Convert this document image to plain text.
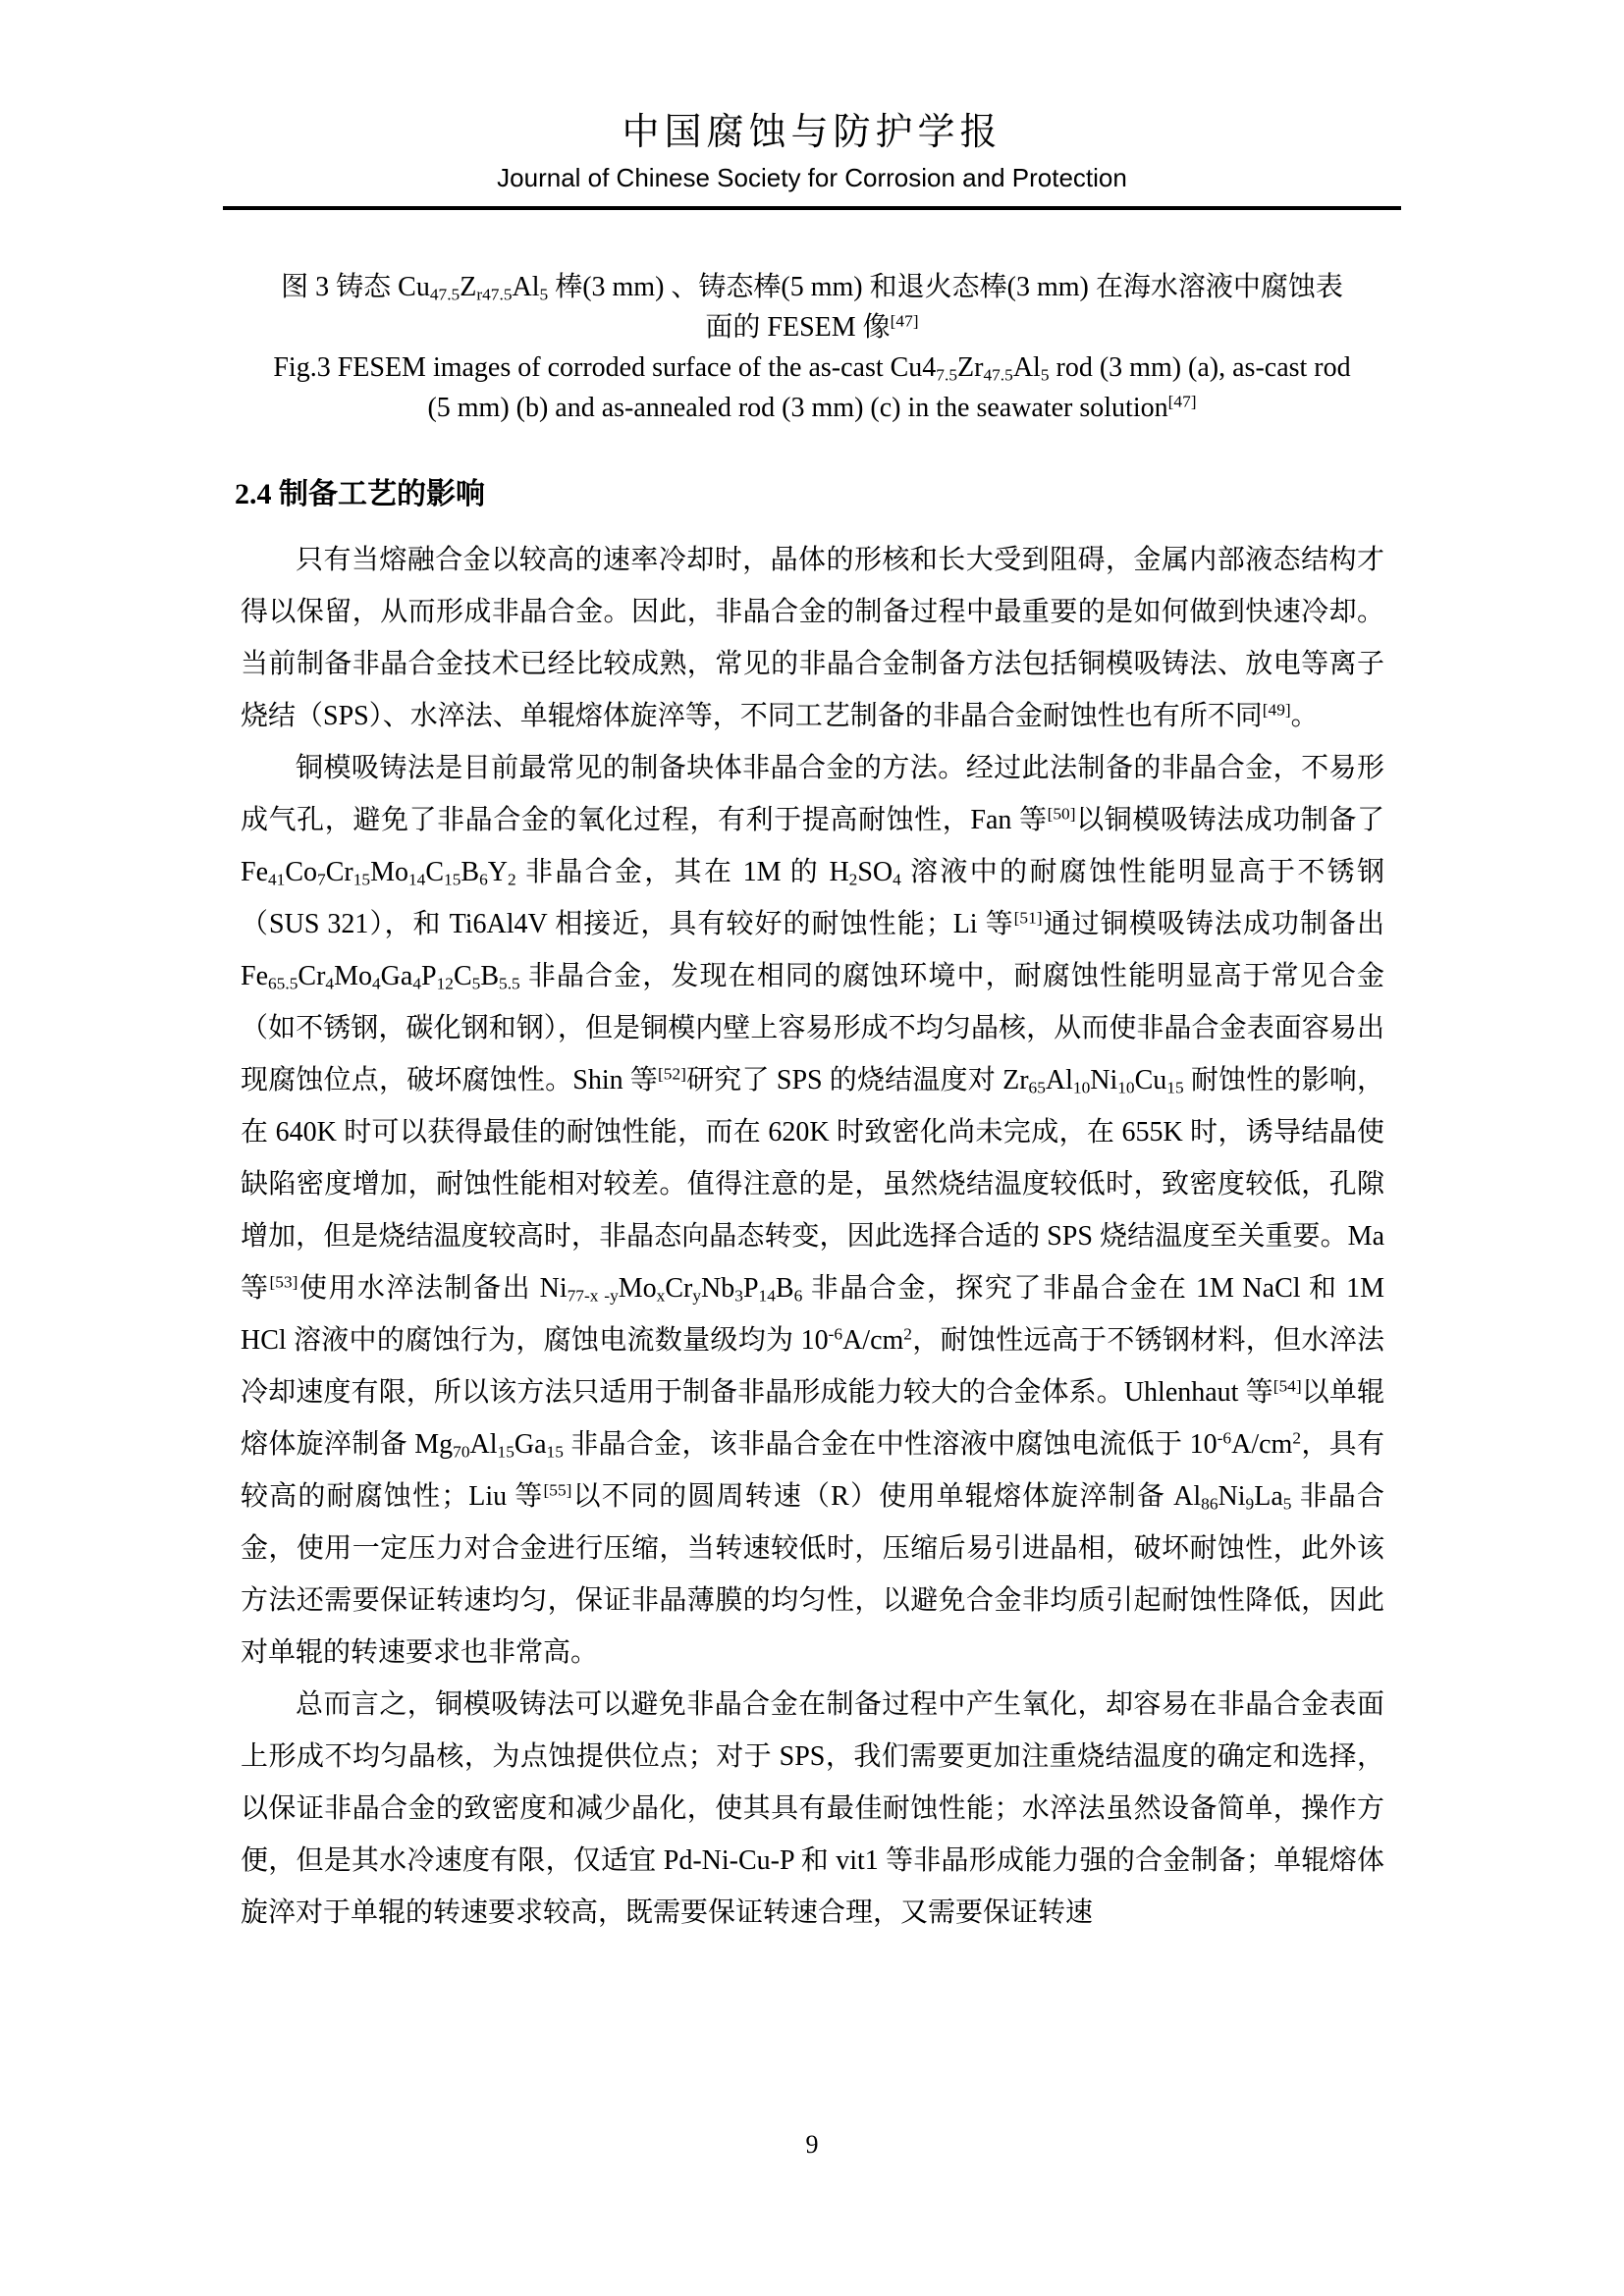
中国腐蚀与防护学报
Journal of Chinese Society for Corrosion and Protection
图 3 铸态 $Cu_{47.5}Z_{r47.5}Al_5$ 棒(3 mm) 、铸态棒(5 mm) 和退火态棒(3 mm) 在海水溶液中腐蚀表
面的 FESEM 像[47]
Fig.3 FESEM images of corroded surface of the as-cast $Cu4_{7.5}Zr_{47.5}Al_5$ rod (3 mm) (a), as-cast rod
(5 mm) (b) and as-annealed rod (3 mm) (c) in the seawater solution[47]
2.4 制备工艺的影响

只有当熔融合金以较高的速率冷却时，晶体的形核和长大受到阻碍，金属内部液态结构才得以保留，从而形成非晶合金。因此，非晶合金的制备过程中最重要的是如何做到快速冷却。当前制备非晶合金技术已经比较成熟，常见的非晶合金制备方法包括铜模吸铸法、放电等离子烧结（SPS）、水淬法、单辊熔体旋淬等，不同工艺制备的非晶合金耐蚀性也有所不同[49]。

铜模吸铸法是目前最常见的制备块体非晶合金的方法。经过此法制备的非晶合金，不易形成气孔，避免了非晶合金的氧化过程，有利于提高耐蚀性，Fan 等[50]以铜模吸铸法成功制备了 $Fe_{41}Co_7Cr_{15}Mo_{14}C_{15}B_6Y_2$ 非晶合金，其在 1M 的 $H_2SO_4$ 溶液中的耐腐蚀性能明显高于不锈钢（SUS 321），和 Ti6Al4V 相接近，具有较好的耐蚀性能；Li 等[51]通过铜模吸铸法成功制备出 $Fe_{65.5}Cr_4Mo_4Ga_4P_{12}C_5B_{5.5}$ 非晶合金，发现在相同的腐蚀环境中，耐腐蚀性能明显高于常见合金（如不锈钢，碳化钢和钢），但是铜模内壁上容易形成不均匀晶核，从而使非晶合金表面容易出现腐蚀位点，破坏腐蚀性。Shin 等[52]研究了 SPS 的烧结温度对 $Zr_{65}Al_{10}Ni_{10}Cu_{15}$ 耐蚀性的影响，在 640K 时可以获得最佳的耐蚀性能，而在 620K 时致密化尚未完成，在 655K 时，诱导结晶使缺陷密度增加，耐蚀性能相对较差。值得注意的是，虽然烧结温度较低时，致密度较低，孔隙增加，但是烧结温度较高时，非晶态向晶态转变，因此选择合适的 SPS 烧结温度至关重要。Ma 等[53]使用水淬法制备出 $Ni_{77-x -y}Mo_xCr_yNb_3P_{14}B_6$ 非晶合金，探究了非晶合金在 1M NaCl 和 1M HCl 溶液中的腐蚀行为，腐蚀电流数量级均为 $10^{-6}A/cm^2$，耐蚀性远高于不锈钢材料，但水淬法冷却速度有限，所以该方法只适用于制备非晶形成能力较大的合金体系。Uhlenhaut 等[54]以单辊熔体旋淬制备 $Mg_{70}Al_{15}Ga_{15}$ 非晶合金，该非晶合金在中性溶液中腐蚀电流低于 $10^{-6}A/cm^2$，具有较高的耐腐蚀性；Liu 等[55]以不同的圆周转速（R）使用单辊熔体旋淬制备 $Al_{86}Ni_9La_5$ 非晶合金，使用一定压力对合金进行压缩，当转速较低时，压缩后易引进晶相，破坏耐蚀性，此外该方法还需要保证转速均匀，保证非晶薄膜的均匀性，以避免合金非均质引起耐蚀性降低，因此对单辊的转速要求也非常高。

总而言之，铜模吸铸法可以避免非晶合金在制备过程中产生氧化，却容易在非晶合金表面上形成不均匀晶核，为点蚀提供位点；对于 SPS，我们需要更加注重烧结温度的确定和选择，以保证非晶合金的致密度和减少晶化，使其具有最佳耐蚀性能；水淬法虽然设备简单，操作方便，但是其水冷速度有限，仅适宜 Pd-Ni-Cu-P 和 vit1 等非晶形成能力强的合金制备；单辊熔体旋淬对于单辊的转速要求较高，既需要保证转速合理，又需要保证转速

9
